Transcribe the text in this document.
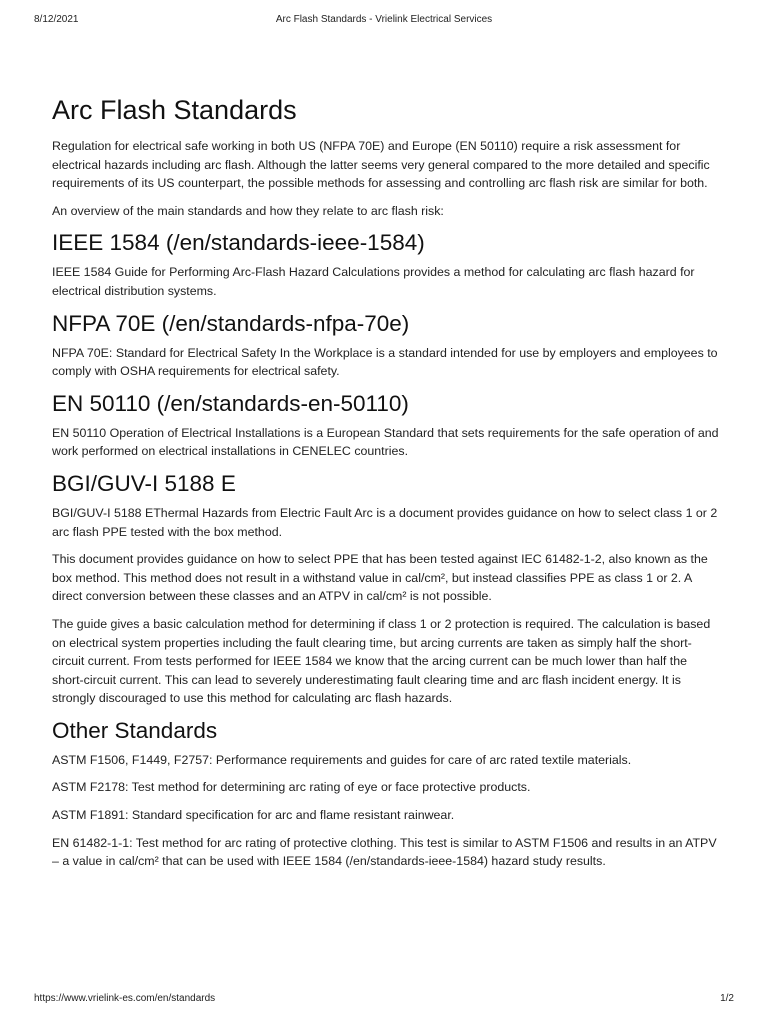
8/12/2021	Arc Flash Standards - Vrielink Electrical Services
Arc Flash Standards

Regulation for electrical safe working in both US (NFPA 70E) and Europe (EN 50110) require a risk assessment for electrical hazards including arc flash. Although the latter seems very general compared to the more detailed and specific requirements of its US counterpart, the possible methods for assessing and controlling arc flash risk are similar for both.

An overview of the main standards and how they relate to arc flash risk:

IEEE 1584 (/en/standards-ieee-1584)

IEEE 1584 Guide for Performing Arc-Flash Hazard Calculations provides a method for calculating arc flash hazard for electrical distribution systems.

NFPA 70E (/en/standards-nfpa-70e)

NFPA 70E: Standard for Electrical Safety In the Workplace is a standard intended for use by employers and employees to comply with OSHA requirements for electrical safety.

EN 50110 (/en/standards-en-50110)

EN 50110 Operation of Electrical Installations is a European Standard that sets requirements for the safe operation of and work performed on electrical installations in CENELEC countries.

BGI/GUV-I 5188 E

BGI/GUV-I 5188 EThermal Hazards from Electric Fault Arc is a document provides guidance on how to select class 1 or 2 arc flash PPE tested with the box method.

This document provides guidance on how to select PPE that has been tested against IEC 61482-1-2, also known as the box method. This method does not result in a withstand value in cal/cm², but instead classifies PPE as class 1 or 2. A direct conversion between these classes and an ATPV in cal/cm² is not possible.

The guide gives a basic calculation method for determining if class 1 or 2 protection is required. The calculation is based on electrical system properties including the fault clearing time, but arcing currents are taken as simply half the short-circuit current. From tests performed for IEEE 1584 we know that the arcing current can be much lower than half the short-circuit current. This can lead to severely underestimating fault clearing time and arc flash incident energy. It is strongly discouraged to use this method for calculating arc flash hazards.

Other Standards

ASTM F1506, F1449, F2757: Performance requirements and guides for care of arc rated textile materials.

ASTM F2178: Test method for determining arc rating of eye or face protective products.

ASTM F1891: Standard specification for arc and flame resistant rainwear.

EN 61482-1-1: Test method for arc rating of protective clothing. This test is similar to ASTM F1506 and results in an ATPV – a value in cal/cm² that can be used with IEEE 1584 (/en/standards-ieee-1584) hazard study results.

https://www.vrielink-es.com/en/standards	1/2
